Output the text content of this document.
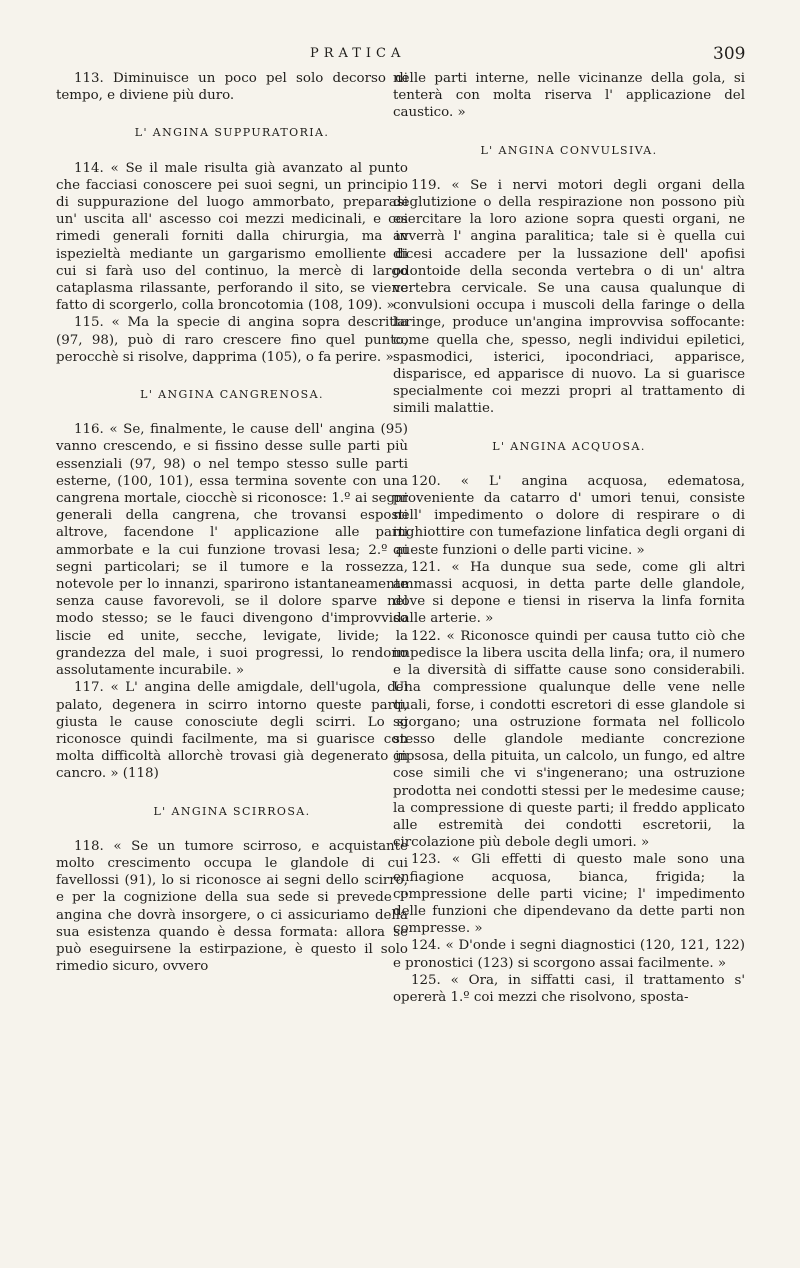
PRATICA	309

113. Diminuisce un poco pel solo decorso di tempo, e diviene più duro.

L' ANGINA SUPPURATORIA.

114. « Se il male risulta già avanzato al punto che facciasi conoscere pei suoi segni, un principio di suppurazione del luogo ammorbato, preparasi un' uscita all' ascesso coi mezzi medicinali, e coi rimedi generali forniti dalla chirurgia, ma in ispezieltà mediante un gargarismo emolliente di cui si farà uso del continuo, la mercè di largo cataplasma rilassante, perforando il sito, se viene fatto di scorgerlo, colla broncotomia (108, 109). »

115. « Ma la specie di angina sopra descritta (97, 98), può di raro crescere fino quel punto, perocchè si risolve, dapprima (105), o fa perire. »

L' ANGINA CANGRENOSA.

116. « Se, finalmente, le cause dell' angina (95) vanno crescendo, e si fissino desse sulle parti più essenziali (97, 98) o nel tempo stesso sulle parti esterne, (100, 101), essa termina sovente con una cangrena mortale, ciocchè si riconosce: 1.º ai segni generali della cangrena, che trovansi esposti altrove, facendone l' applicazione alle parti ammorbate e la cui funzione trovasi lesa; 2.º ai segni particolari; se il tumore e la rossezza, notevole per lo innanzi, sparirono istantaneamente senza cause favorevoli, se il dolore sparve nel modo stesso; se le fauci divengono d'improvviso liscie ed unite, secche, levigate, livide; la grandezza del male, i suoi progressi, lo rendono assolutamente incurabile. »

117. « L' angina delle amigdale, dell'ugola, del palato, degenera in scirro intorno queste parti, giusta le cause conosciute degli scirri. Lo si riconosce quindi facilmente, ma si guarisce con molta difficoltà allorchè trovasi già degenerato in cancro. » (118)

L' ANGINA SCIRROSA.

118. « Se un tumore scirroso, e acquistante molto crescimento occupa le glandole di cui favellossi (91), lo si riconosce ai segni dello scirro, e per la cognizione della sua sede si prevede l' angina che dovrà insorgere, o ci assicuriamo della sua esistenza quando è dessa formata: allora se può eseguirsene la estirpazione, è questo il solo rimedio sicuro, ovvero

nelle parti interne, nelle vicinanze della gola, si tenterà con molta riserva l' applicazione del caustico. »

L' ANGINA CONVULSIVA.

119. « Se i nervi motori degli organi della deglutizione o della respirazione non possono più esercitare la loro azione sopra questi organi, ne avverrà l' angina paralitica; tale si è quella cui dicesi accadere per la lussazione dell' apofisi odontoide della seconda vertebra o di un' altra vertebra cervicale. Se una causa qualunque di convulsioni occupa i muscoli della faringe o della laringe, produce un'angina improvvisa soffocante: come quella che, spesso, negli individui epiletici, spasmodici, isterici, ipocondriaci, apparisce, disparisce, ed apparisce di nuovo. La si guarisce specialmente coi mezzi propri al trattamento di simili malattie.

L' ANGINA ACQUOSA.

120. « L' angina acquosa, edematosa, proveniente da catarro d' umori tenui, consiste nell' impedimento o dolore di respirare o di inghiottire con tumefazione linfatica degli organi di queste funzioni o delle parti vicine. »

121. « Ha dunque sua sede, come gli altri ammassi acquosi, in detta parte delle glandole, dove si depone e tiensi in riserva la linfa fornita dalle arterie. »

122. « Riconosce quindi per causa tutto ciò che impedisce la libera uscita della linfa; ora, il numero e la diversità di siffatte cause sono considerabili. Una compressione qualunque delle vene nelle quali, forse, i condotti escretori di esse glandole si sgorgano; una ostruzione formata nel follicolo stesso delle glandole mediante concrezione gipsosa, della pituita, un calcolo, un fungo, ed altre cose simili che vi s'ingenerano; una ostruzione prodotta nei condotti stessi per le medesime cause; la compressione di queste parti; il freddo applicato alle estremità dei condotti escretorii, la circolazione più debole degli umori. »

123. « Gli effetti di questo male sono una enfiagione acquosa, bianca, frigida; la compressione delle parti vicine; l' impedimento delle funzioni che dipendevano da dette parti non compresse. »

124. « D'onde i segni diagnostici (120, 121, 122) e pronostici (123) si scorgono assai facilmente. »

125. « Ora, in siffatti casi, il trattamento s' opererà 1.º coi mezzi che risolvono, sposta-
